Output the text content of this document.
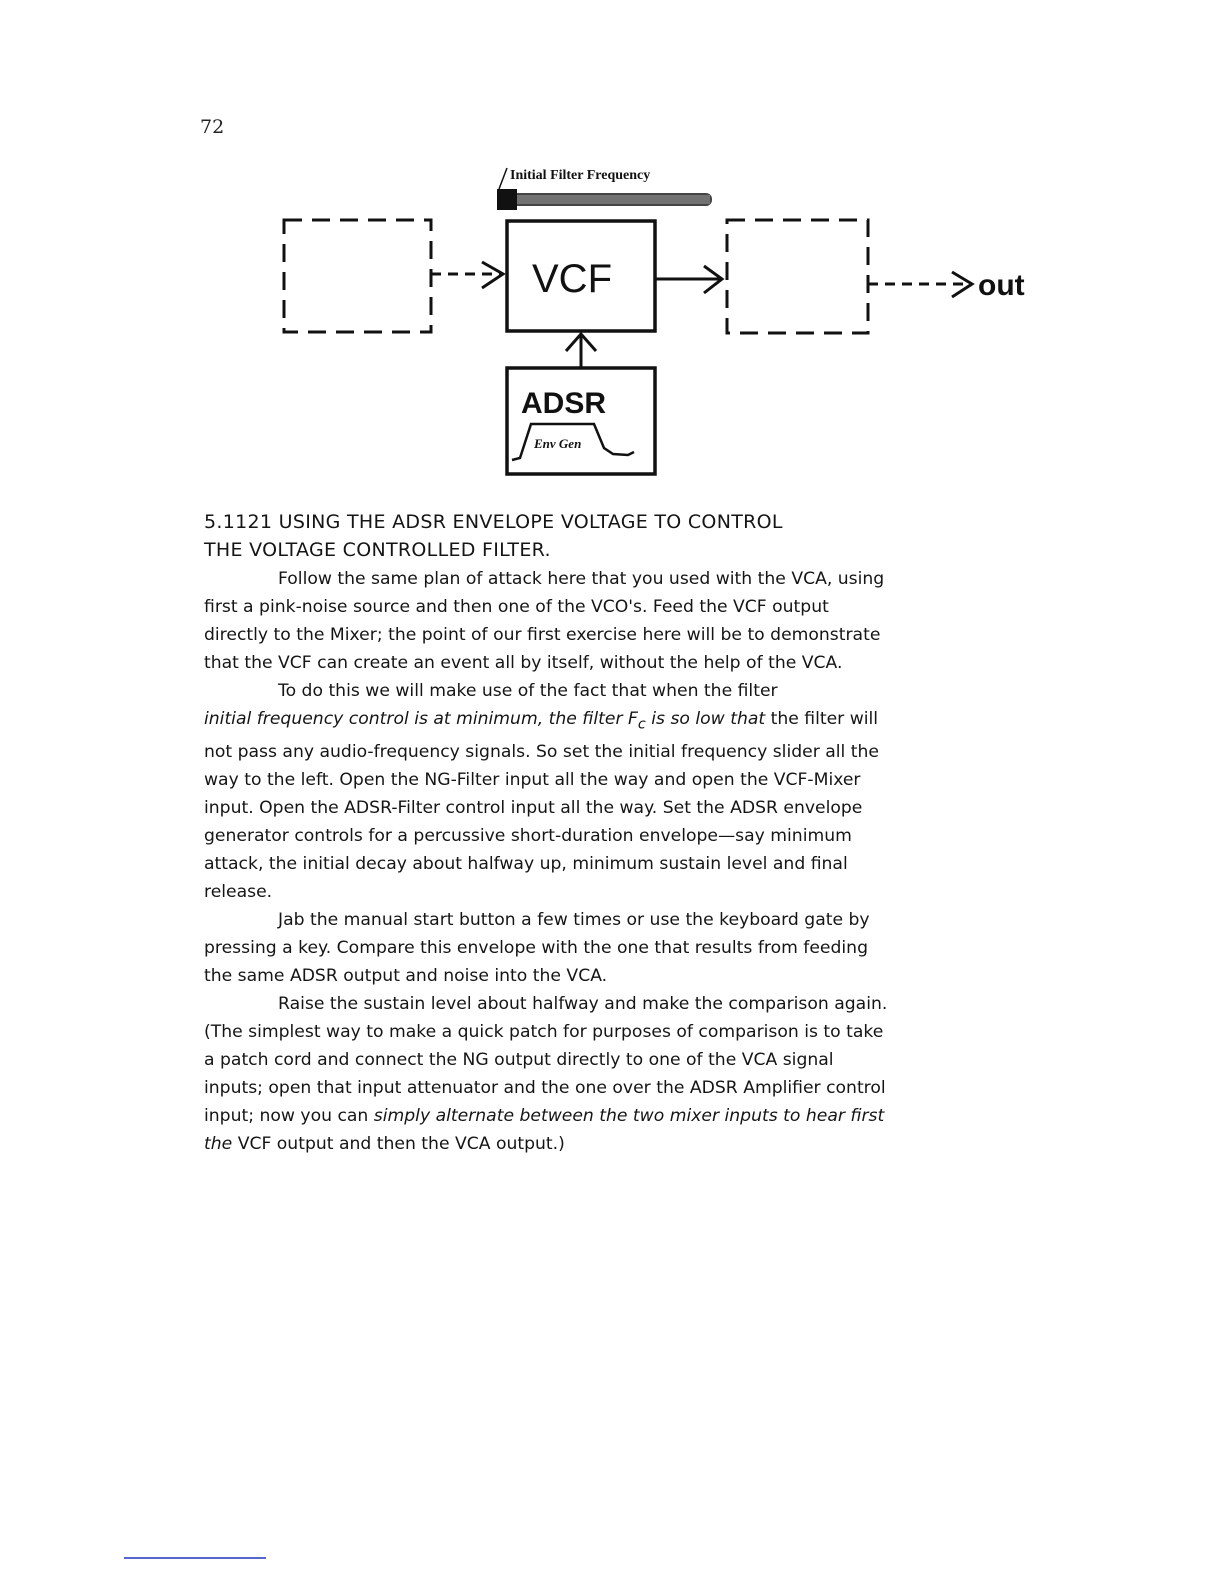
72
Initial Filter Frequency
VCF	out
ADSR
Env Gen
5.1121 USING THE ADSR ENVELOPE VOLTAGE TO CONTROL
THE VOLTAGE CONTROLLED FILTER.

Follow the same plan of attack here that you used with the VCA, using first a pink-noise source and then one of the VCO's. Feed the VCF output directly to the Mixer; the point of our first exercise here will be to demonstrate that the VCF can create an event all by itself, without the help of the VCA.

To do this we will make use of the fact that when the filter
initial frequency control is at minimum, the filter $F_c$ is so low that the filter will not pass any audio-frequency signals. So set the initial frequency slider all the way to the left. Open the NG-Filter input all the way and open the VCF-Mixer input. Open the ADSR-Filter control input all the way. Set the ADSR envelope generator controls for a percussive short-duration envelope—say minimum attack, the initial decay about halfway up, minimum sustain level and final release.

Jab the manual start button a few times or use the keyboard gate by pressing a key. Compare this envelope with the one that results from feeding the same ADSR output and noise into the VCA.

Raise the sustain level about halfway and make the comparison again. (The simplest way to make a quick patch for purposes of comparison is to take a patch cord and connect the NG output directly to one of the VCA signal inputs; open that input attenuator and the one over the ADSR Amplifier control input; now you can simply alternate between the two mixer inputs to hear first the VCF output and then the VCA output.)
